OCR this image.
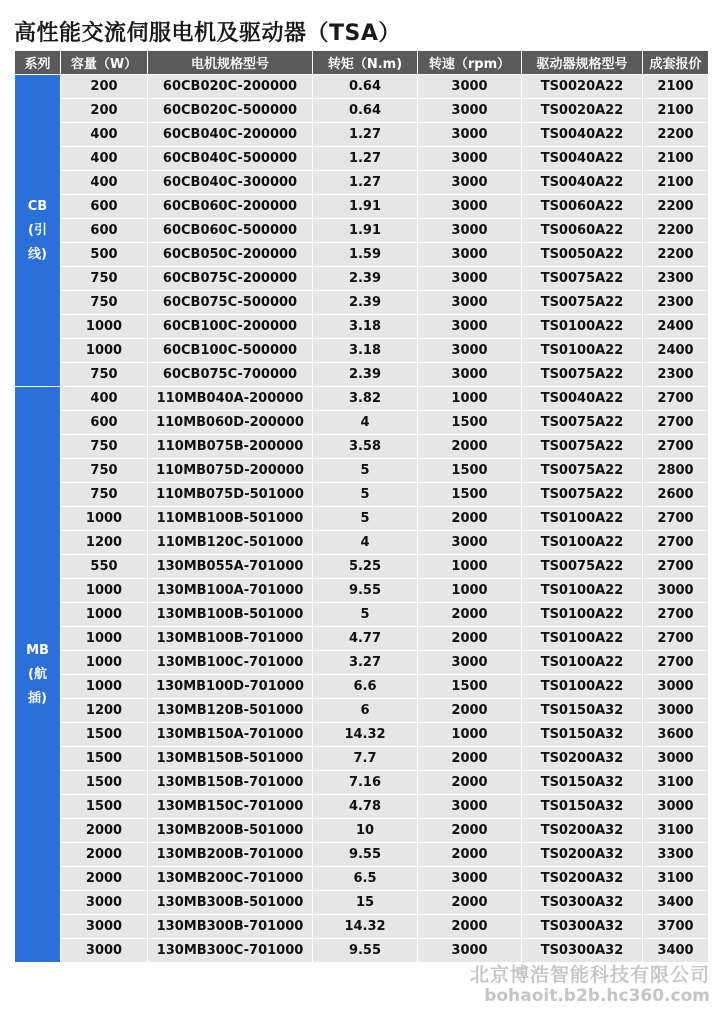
高性能交流伺服电机及驱动器（TSA）
系列	容量（W）	电机规格型号	转矩（N.m)	转速（rpm）	驱动器规格型号	成套报价

CB
(引
线)	200	60CB020C-200000	0.64	3000	TS0020A22	2100
	200	60CB020C-500000	0.64	3000	TS0020A22	2100
	400	60CB040C-200000	1.27	3000	TS0040A22	2200
	400	60CB040C-500000	1.27	3000	TS0040A22	2100
	400	60CB040C-300000	1.27	3000	TS0040A22	2100
	600	60CB060C-200000	1.91	3000	TS0060A22	2200
	600	60CB060C-500000	1.91	3000	TS0060A22	2200
	500	60CB050C-200000	1.59	3000	TS0050A22	2200
	750	60CB075C-200000	2.39	3000	TS0075A22	2300
	750	60CB075C-500000	2.39	3000	TS0075A22	2300
	1000	60CB100C-200000	3.18	3000	TS0100A22	2400
	1000	60CB100C-500000	3.18	3000	TS0100A22	2400
	750	60CB075C-700000	2.39	3000	TS0075A22	2300

MB
(航
插)	400	110MB040A-200000	3.82	1000	TS0040A22	2700
	600	110MB060D-200000	4	1500	TS0075A22	2700
	750	110MB075B-200000	3.58	2000	TS0075A22	2700
	750	110MB075D-200000	5	1500	TS0075A22	2800
	750	110MB075D-501000	5	1500	TS0075A22	2600
	1000	110MB100B-501000	5	2000	TS0100A22	2700
	1200	110MB120C-501000	4	3000	TS0100A22	2700
	550	130MB055A-701000	5.25	1000	TS0075A22	2700
	1000	130MB100A-701000	9.55	1000	TS0100A22	3000
	1000	130MB100B-501000	5	2000	TS0100A22	2700
	1000	130MB100B-701000	4.77	2000	TS0100A22	2700
	1000	130MB100C-701000	3.27	3000	TS0100A22	2700
	1000	130MB100D-701000	6.6	1500	TS0100A22	3000
	1200	130MB120B-501000	6	2000	TS0150A32	3000
	1500	130MB150A-701000	14.32	1000	TS0150A32	3600
	1500	130MB150B-501000	7.7	2000	TS0200A32	3000
	1500	130MB150B-701000	7.16	2000	TS0150A32	3100
	1500	130MB150C-701000	4.78	3000	TS0150A32	3000
	2000	130MB200B-501000	10	2000	TS0200A32	3100
	2000	130MB200B-701000	9.55	2000	TS0200A32	3300
	2000	130MB200C-701000	6.5	3000	TS0200A32	3100
	3000	130MB300B-501000	15	2000	TS0300A32	3400
	3000	130MB300B-701000	14.32	2000	TS0300A32	3700
	3000	130MB300C-701000	9.55	3000	TS0300A32	3400
北京博浩智能科技有限公司
bohaoit.b2b.hc360.com
